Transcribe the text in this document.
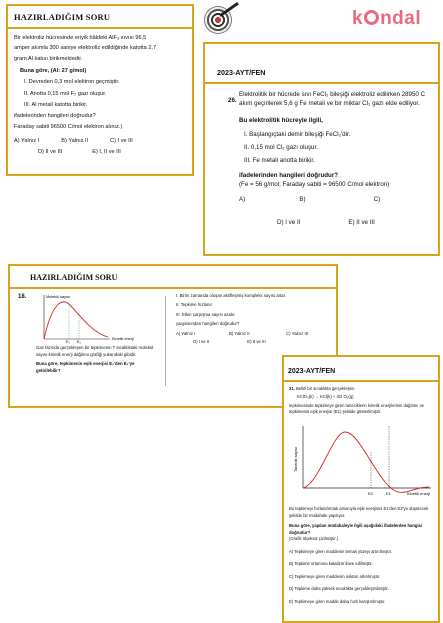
HAZIRLADIĞIM SORU

Bir elektroliz hücresinde eriyik hâldeki AlF₃ sıvısı 96,5

amper akımla 300 saniye elektroliz edildiğinde katotta 2,7

gram Al katısı birikmektedir.

Buna göre, (Al: 27 g/mol)

I. Devreden 0,3 mol elektron geçmiştir.
II. Anotta 0,15 mol F₂ gazı oluşur.
III. Al metali katotta birikir.

ifadelerinden hangileri doğrudur?

Faraday sabiti 96500 C/mol elektron alınız.)

A) Yalnız I	B) Yalnız II	C) I ve III
D) II ve III	E) I, II ve III
k ndal
2023-AYT/FEN
26.

Elektrolitik bir hücrede sıvı FeCl₂ bileşiği elektroliz edilirken 28950 C akım geçirilerek 5,6 g Fe metali ve bir miktar Cl₂ gazı elde ediliyor.

Bu elektrolitik hücreyle ilgili,

I. Başlangıçtaki demir bileşiği FeCl₂'dir.
II. 0,15 mol Cl₂ gazı oluşur.
III. Fe metali anotta birikir.

ifadelerinden hangileri doğrudur?

(Fe = 56 g/mol; Faraday sabiti = 96500 C/mol elektron)

A)	B)	C)
D) I ve II	E) II ve III
HAZIRLADIĞIM SORU
18.	Molekül sayısı
Kinetik enerji
E₁ E₂

Gaz fazında gerçekleşen bir tepkimenin T sıcaklıktaki molekül sayısı-kinetik enerji dağılımı grafiği yukarıdaki gibidir.

Buna göre, tepkimenin eşik enerjisi E₁'den E₂'ye getirilebilir?

I. Birim zamanda oluşan aktifleşmiş kompleks sayısı artar.
II. Tepkime hızlanır.
III. Etkin çarpışma sayısı azalır.

yargılarından hangileri doğrudur?

A) Yalnız I	B) Yalnız II	C) Yalnız III
D) I ve II	E) II ve III
2023-AYT/FEN

21. Belirli bir sıcaklıkta gerçekleşen

KClO₃(k) → KCl(k) + 3/2 O₂(g)

tepkimesinde tepkimeye giren taneciklerin kinetik enerjilerinin dağılımı ve tepkimenin eşik enerjisi (E1) şekilde gösterilmiştir.

Tanecik sayısı
Kinetik enerji
E2	E1

Bu tepkimeyi hızlandırmak amacıyla eşik enerjisini E1'den E2'ye düşürecek şekilde bir müdahale yapılıyor.

Buna göre, yapılan müdahaleyle ilgili aşağıdaki ifadelerden hangisi doğrudur?

(Grafik ölçeksiz çizilmiştir.)

A) Tepkimeye giren maddenin temas yüzeyi artırılmıştır.

B) Tepkime ortamına katalizör ilave edilmiştir.

C) Tepkimeye giren maddenin miktarı artırılmıştır.

D) Tepkime daha yüksek sıcaklıkta gerçekleştirilmiştir.

E) Tepkimeye giren madde daha hızlı karıştırılmıştır.
